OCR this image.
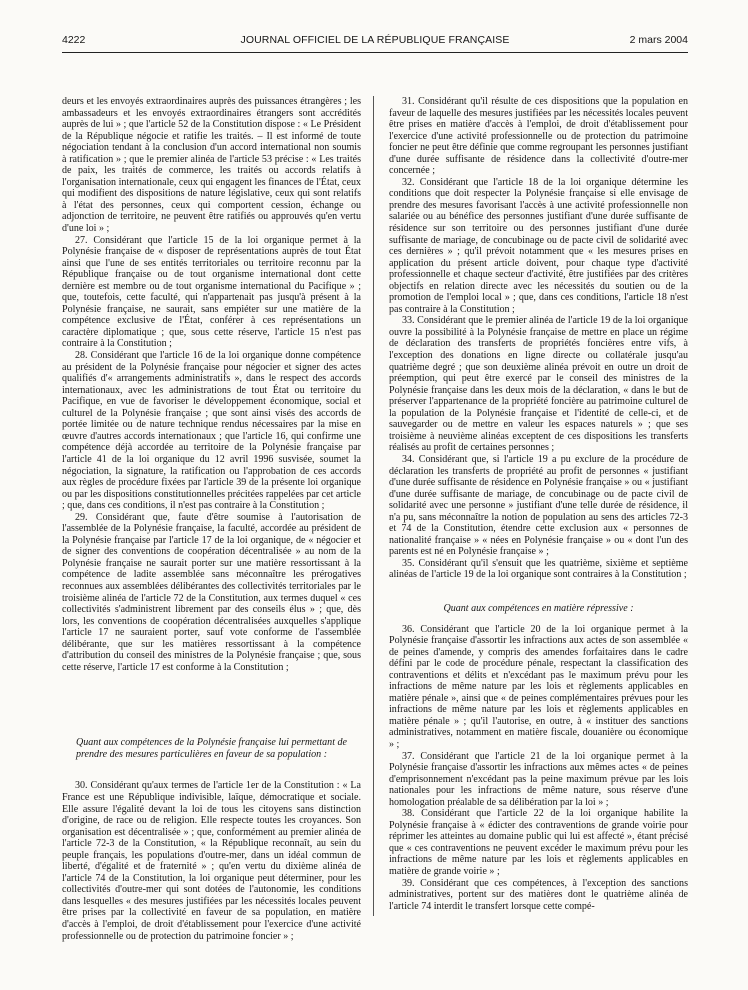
4222	JOURNAL OFFICIEL DE LA RÉPUBLIQUE FRANÇAISE	2 mars 2004

deurs et les envoyés extraordinaires auprès des puissances étrangères ; les ambassadeurs et les envoyés extraordinaires étrangers sont accrédités auprès de lui » ; que l'article 52 de la Constitution dispose : « Le Président de la République négocie et ratifie les traités. – Il est informé de toute négociation tendant à la conclusion d'un accord international non soumis à ratification » ; que le premier alinéa de l'article 53 précise : « Les traités de paix, les traités de commerce, les traités ou accords relatifs à l'organisation internationale, ceux qui engagent les finances de l'État, ceux qui modifient des dispositions de nature législative, ceux qui sont relatifs à l'état des personnes, ceux qui comportent cession, échange ou adjonction de territoire, ne peuvent être ratifiés ou approuvés qu'en vertu d'une loi » ;

27. Considérant que l'article 15 de la loi organique permet à la Polynésie française de « disposer de représentations auprès de tout État ainsi que l'une de ses entités territoriales ou territoire reconnu par la République française ou de tout organisme international dont cette dernière est membre ou de tout organisme international du Pacifique » ; que, toutefois, cette faculté, qui n'appartenait pas jusqu'à présent à la Polynésie française, ne saurait, sans empiéter sur une matière de la compétence exclusive de l'État, conférer à ces représentations un caractère diplomatique ; que, sous cette réserve, l'article 15 n'est pas contraire à la Constitution ;

28. Considérant que l'article 16 de la loi organique donne compétence au président de la Polynésie française pour négocier et signer des actes qualifiés d'« arrangements administratifs », dans le respect des accords internationaux, avec les administrations de tout État ou territoire du Pacifique, en vue de favoriser le développement économique, social et culturel de la Polynésie française ; que sont ainsi visés des accords de portée limitée ou de nature technique rendus nécessaires par la mise en œuvre d'autres accords internationaux ; que l'article 16, qui confirme une compétence déjà accordée au territoire de la Polynésie française par l'article 41 de la loi organique du 12 avril 1996 susvisée, soumet la négociation, la signature, la ratification ou l'approbation de ces accords aux règles de procédure fixées par l'article 39 de la présente loi organique ou par les dispositions constitutionnelles précitées rappelées par cet article ; que, dans ces conditions, il n'est pas contraire à la Constitution ;

29. Considérant que, faute d'être soumise à l'autorisation de l'assemblée de la Polynésie française, la faculté, accordée au président de la Polynésie française par l'article 17 de la loi organique, de « négocier et de signer des conventions de coopération décentralisée » au nom de la Polynésie française ne saurait porter sur une matière ressortissant à la compétence de ladite assemblée sans méconnaître les prérogatives reconnues aux assemblées délibérantes des collectivités territoriales par le troisième alinéa de l'article 72 de la Constitution, aux termes duquel « ces collectivités s'administrent librement par des conseils élus » ; que, dès lors, les conventions de coopération décentralisées auxquelles s'applique l'article 17 ne sauraient porter, sauf vote conforme de l'assemblée délibérante, que sur les matières ressortissant à la compétence d'attribution du conseil des ministres de la Polynésie française ; que, sous cette réserve, l'article 17 est conforme à la Constitution ;

Quant aux compétences de la Polynésie française lui permettant de prendre des mesures particulières en faveur de sa population :

30. Considérant qu'aux termes de l'article 1er de la Constitution : « La France est une République indivisible, laïque, démocratique et sociale. Elle assure l'égalité devant la loi de tous les citoyens sans distinction d'origine, de race ou de religion. Elle respecte toutes les croyances. Son organisation est décentralisée » ; que, conformément au premier alinéa de l'article 72-3 de la Constitution, « la République reconnaît, au sein du peuple français, les populations d'outre-mer, dans un idéal commun de liberté, d'égalité et de fraternité » ; qu'en vertu du dixième alinéa de l'article 74 de la Constitution, la loi organique peut déterminer, pour les collectivités d'outre-mer qui sont dotées de l'autonomie, les conditions dans lesquelles « des mesures justifiées par les nécessités locales peuvent être prises par la collectivité en faveur de sa population, en matière d'accès à l'emploi, de droit d'établissement pour l'exercice d'une activité professionnelle ou de protection du patrimoine foncier » ;

31. Considérant qu'il résulte de ces dispositions que la population en faveur de laquelle des mesures justifiées par les nécessités locales peuvent être prises en matière d'accès à l'emploi, de droit d'établissement pour l'exercice d'une activité professionnelle ou de protection du patrimoine foncier ne peut être définie que comme regroupant les personnes justifiant d'une durée suffisante de résidence dans la collectivité d'outre-mer concernée ;

32. Considérant que l'article 18 de la loi organique détermine les conditions que doit respecter la Polynésie française si elle envisage de prendre des mesures favorisant l'accès à une activité professionnelle non salariée ou au bénéfice des personnes justifiant d'une durée suffisante de résidence sur son territoire ou des personnes justifiant d'une durée suffisante de mariage, de concubinage ou de pacte civil de solidarité avec ces dernières » ; qu'il prévoit notamment que « les mesures prises en application du présent article doivent, pour chaque type d'activité professionnelle et chaque secteur d'activité, être justifiées par des critères objectifs en relation directe avec les nécessités du soutien ou de la promotion de l'emploi local » ; que, dans ces conditions, l'article 18 n'est pas contraire à la Constitution ;

33. Considérant que le premier alinéa de l'article 19 de la loi organique ouvre la possibilité à la Polynésie française de mettre en place un régime de déclaration des transferts de propriétés foncières entre vifs, à l'exception des donations en ligne directe ou collatérale jusqu'au quatrième degré ; que son deuxième alinéa prévoit en outre un droit de préemption, qui peut être exercé par le conseil des ministres de la Polynésie française dans les deux mois de la déclaration, « dans le but de préserver l'appartenance de la propriété foncière au patrimoine culturel de la population de la Polynésie française et l'identité de celle-ci, et de sauvegarder ou de mettre en valeur les espaces naturels » ; que ses troisième à neuvième alinéas exceptent de ces dispositions les transferts réalisés au profit de certaines personnes ;

34. Considérant que, si l'article 19 a pu exclure de la procédure de déclaration les transferts de propriété au profit de personnes « justifiant d'une durée suffisante de résidence en Polynésie française » ou « justifiant d'une durée suffisante de mariage, de concubinage ou de pacte civil de solidarité avec une personne » justifiant d'une telle durée de résidence, il n'a pu, sans méconnaître la notion de population au sens des articles 72-3 et 74 de la Constitution, étendre cette exclusion aux « personnes de nationalité française » « nées en Polynésie française » ou « dont l'un des parents est né en Polynésie française » ;

35. Considérant qu'il s'ensuit que les quatrième, sixième et septième alinéas de l'article 19 de la loi organique sont contraires à la Constitution ;

Quant aux compétences en matière répressive :

36. Considérant que l'article 20 de la loi organique permet à la Polynésie française d'assortir les infractions aux actes de son assemblée « de peines d'amende, y compris des amendes forfaitaires dans le cadre défini par le code de procédure pénale, respectant la classification des contraventions et délits et n'excédant pas le maximum prévu pour les infractions de même nature par les lois et règlements applicables en matière pénale », ainsi que « de peines complémentaires prévues pour les infractions de même nature par les lois et règlements applicables en matière pénale » ; qu'il l'autorise, en outre, à « instituer des sanctions administratives, notamment en matière fiscale, douanière ou économique » ;

37. Considérant que l'article 21 de la loi organique permet à la Polynésie française d'assortir les infractions aux mêmes actes « de peines d'emprisonnement n'excédant pas la peine maximum prévue par les lois nationales pour les infractions de même nature, sous réserve d'une homologation préalable de sa délibération par la loi » ;

38. Considérant que l'article 22 de la loi organique habilite la Polynésie française à « édicter des contraventions de grande voirie pour réprimer les atteintes au domaine public qui lui est affecté », étant précisé que « ces contraventions ne peuvent excéder le maximum prévu pour les infractions de même nature par les lois et règlements applicables en matière de grande voirie » ;

39. Considérant que ces compétences, à l'exception des sanctions administratives, portent sur des matières dont le quatrième alinéa de l'article 74 interdit le transfert lorsque cette compé-
